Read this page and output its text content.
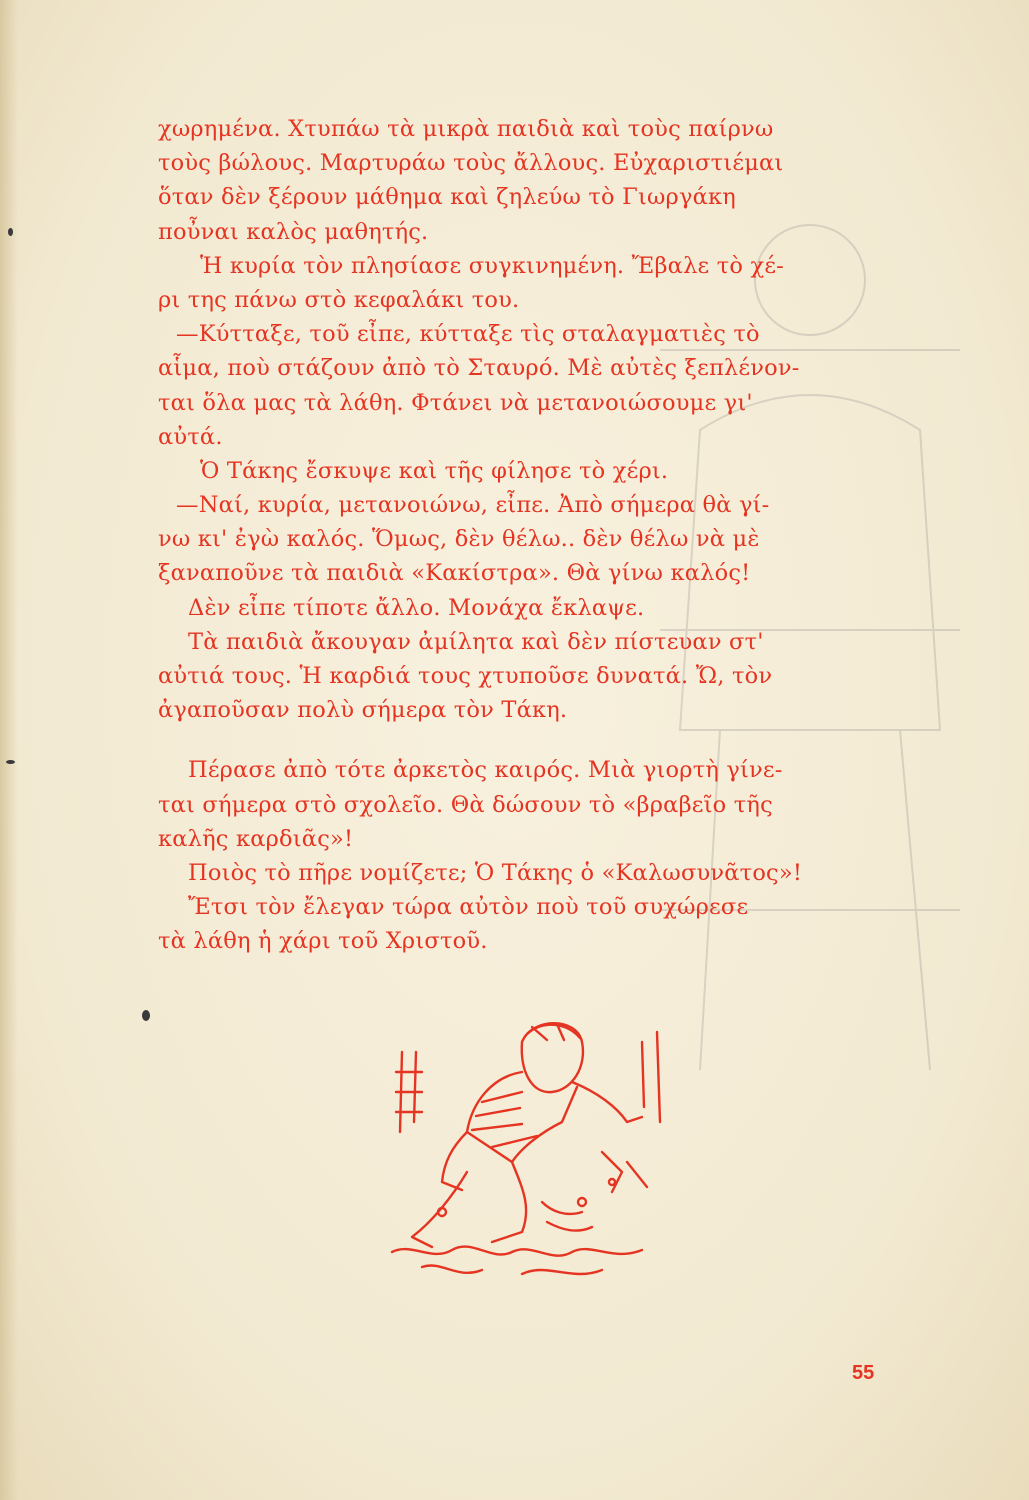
χωρημένα. Χτυπάω τὰ μικρὰ παιδιὰ καὶ τοὺς παίρνω
τοὺς βώλους. Μαρτυράω τοὺς ἄλλους. Εὐχαριστιέμαι
ὅταν δὲν ξέρουν μάθημα καὶ ζηλεύω τὸ Γιωργάκη
ποὖναι καλὸς μαθητής.
Ἡ κυρία τὸν πλησίασε συγκινημένη. Ἔβαλε τὸ χέ-
ρι της πάνω στὸ κεφαλάκι του.
—Κύτταξε, τοῦ εἶπε, κύτταξε τὶς σταλαγματιὲς τὸ
αἷμα, ποὺ στάζουν ἀπὸ τὸ Σταυρό. Μὲ αὐτὲς ξεπλένον-
ται ὅλα μας τὰ λάθη. Φτάνει νὰ μετανοιώσουμε γι'
αὐτά.
Ὁ Τάκης ἔσκυψε καὶ τῆς φίλησε τὸ χέρι.
—Ναί, κυρία, μετανοιώνω, εἶπε. Ἀπὸ σήμερα θὰ γί-
νω κι' ἐγὼ καλός. Ὅμως, δὲν θέλω.. δὲν θέλω νὰ μὲ
ξαναποῦνε τὰ παιδιὰ «Κακίστρα». Θὰ γίνω καλός!
Δὲν εἶπε τίποτε ἄλλο. Μονάχα ἔκλαψε.
Τὰ παιδιὰ ἄκουγαν ἀμίλητα καὶ δὲν πίστευαν στ'
αὐτιά τους. Ἡ καρδιά τους χτυποῦσε δυνατά. Ὤ, τὸν
ἀγαποῦσαν πολὺ σήμερα τὸν Τάκη.
Πέρασε ἀπὸ τότε ἀρκετὸς καιρός. Μιὰ γιορτὴ γίνε-
ται σήμερα στὸ σχολεῖο. Θὰ δώσουν τὸ «βραβεῖο τῆς
καλῆς καρδιᾶς»!
Ποιὸς τὸ πῆρε νομίζετε; Ὁ Τάκης ὁ «Καλωσυνᾶτος»!
Ἔτσι τὸν ἔλεγαν τώρα αὐτὸν ποὺ τοῦ συχώρεσε
τὰ λάθη ἡ χάρι τοῦ Χριστοῦ.
55
